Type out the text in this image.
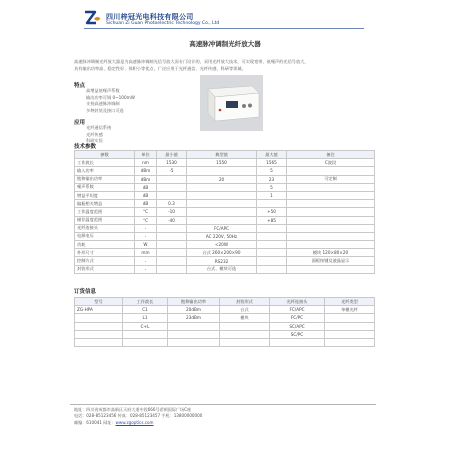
四川梓冠光电科技有限公司
Sichuan Zi Guan Photoelectric Technology Co., Ltd
高速脉冲调制光纤放大器
高速脉冲调制光纤放大器是为高速脉冲调制光信号放大而专门设计的，采用光纤放大技术，可实现宽带、低噪声的光信号放大，
具有输出功率高、稳定性好、体积小等优点，广泛应用于光纤通信、光纤传感、科研等领域。
特点
高增益低噪声系数
输出功率可调 0~100mW
支持高速脉冲调制
多种封装及接口可选
应用
光纤通信系统
光纤传感
科研实验
技术参数
参数	单位	最小值	典型值	最大值	备注
工作波长	nm	1530	1550	1565	C波段
输入功率	dBm	-5		5	
饱和输出功率	dBm		20	23	可定制
噪声系数	dB			5	
增益平坦度	dB			1	
偏振相关增益	dB	0.3			
工作温度范围	°C	-10		+50	
储存温度范围	°C	-40		+85	
光纤连接头	-		FC/APC		
电源电压	-		AC 220V, 50Hz		
功耗	W		<20W		
外形尺寸	mm		台式 260×200×90		模块 120×80×20
控制方式	-		RS232		面板按键及液晶显示
封装形式	-		台式、模块可选		
订货信息
型号	工作波长	饱和输出功率	封装形式	光纤连接头	光纤类型
ZG-HPA	C1	20dBm	台式	FC/APC	单模光纤
	L1	23dBm	模块	FC/PC	
	C+L			SC/APC	
				SC/PC	

地址：四川省成都市高新区天府大道中段666号希顿国际广场C座
电话：028-85123456 传真：028-85123457 手机：13800000000
邮编：610041 网址：www.zgoptics.com
